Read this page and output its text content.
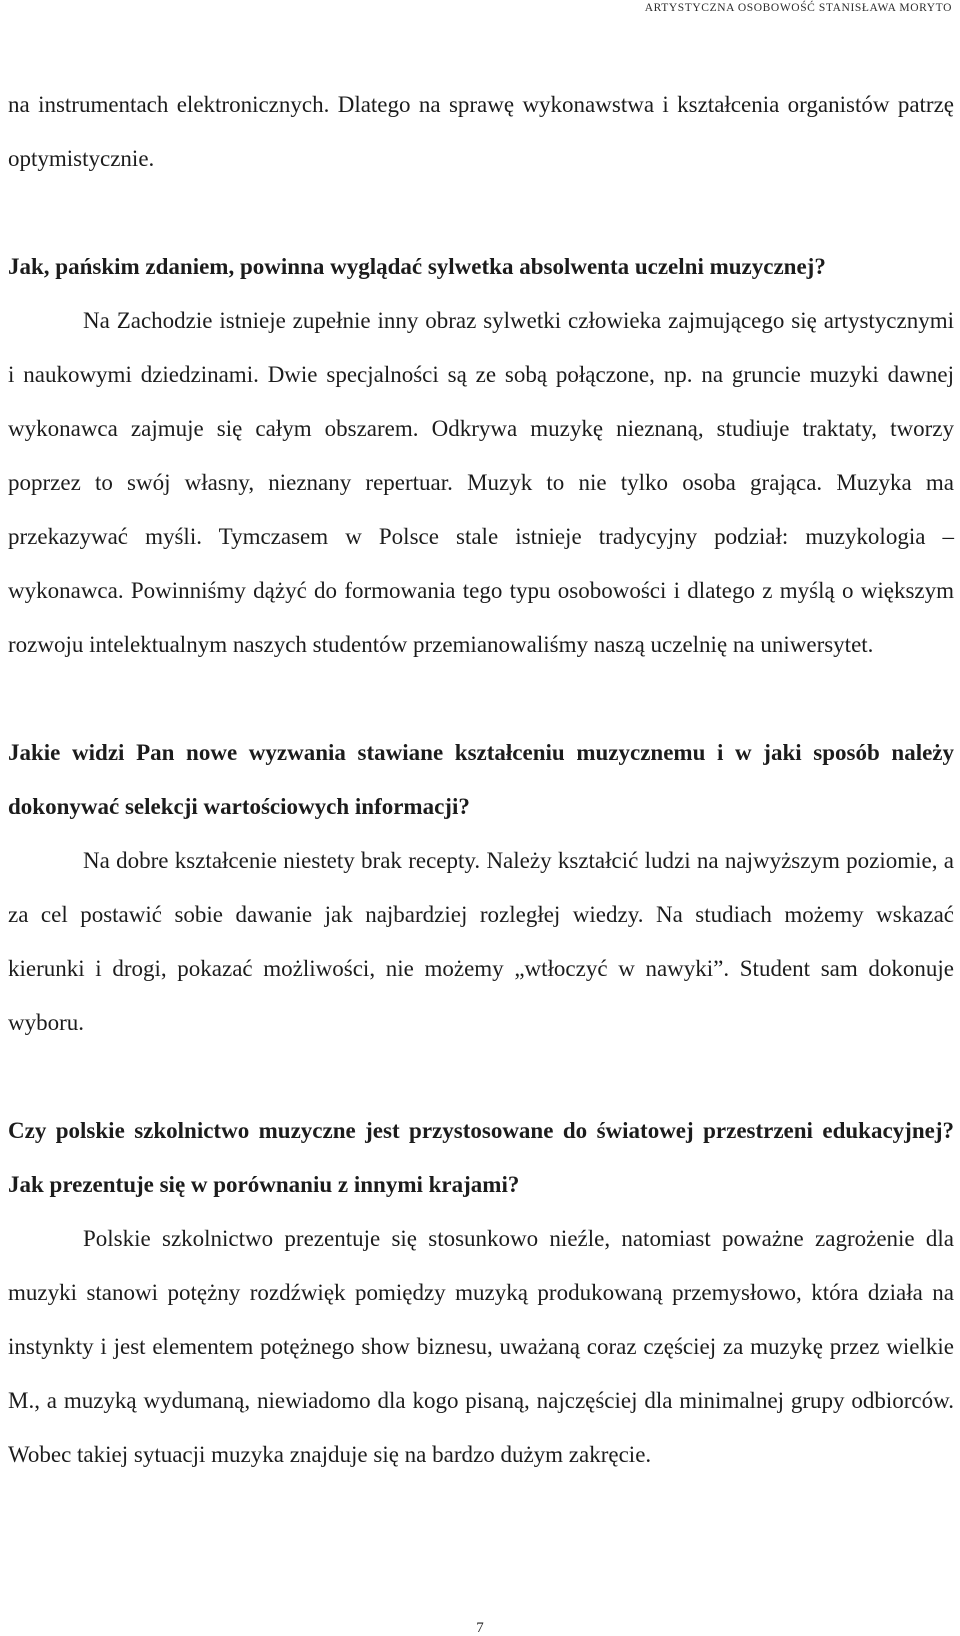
ARTYSTYCZNA OSOBOWOŚĆ STANISŁAWA MORYTO

na instrumentach elektronicznych. Dlatego na sprawę wykonawstwa i kształcenia organistów patrzę optymistycznie.

Jak, pańskim zdaniem, powinna wyglądać sylwetka absolwenta uczelni muzycznej?

Na Zachodzie istnieje zupełnie inny obraz sylwetki człowieka zajmującego się artystycznymi i naukowymi dziedzinami. Dwie specjalności są ze sobą połączone, np. na gruncie muzyki dawnej wykonawca zajmuje się całym obszarem. Odkrywa muzykę nieznaną, studiuje traktaty, tworzy poprzez to swój własny, nieznany repertuar. Muzyk to nie tylko osoba grająca. Muzyka ma przekazywać myśli. Tymczasem w Polsce stale istnieje tradycyjny podział: muzykologia – wykonawca. Powinniśmy dążyć do formowania tego typu osobowości i dlatego z myślą o większym rozwoju intelektualnym naszych studentów przemianowaliśmy naszą uczelnię na uniwersytet.

Jakie widzi Pan nowe wyzwania stawiane kształceniu muzycznemu i w jaki sposób należy dokonywać selekcji wartościowych informacji?

Na dobre kształcenie niestety brak recepty. Należy kształcić ludzi na najwyższym poziomie, a za cel postawić sobie dawanie jak najbardziej rozległej wiedzy. Na studiach możemy wskazać kierunki i drogi, pokazać możliwości, nie możemy „wtłoczyć w nawyki”. Student sam dokonuje wyboru.

Czy polskie szkolnictwo muzyczne jest przystosowane do światowej przestrzeni edukacyjnej? Jak prezentuje się w porównaniu z innymi krajami?

Polskie szkolnictwo prezentuje się stosunkowo nieźle, natomiast poważne zagrożenie dla muzyki stanowi potężny rozdźwięk pomiędzy muzyką produkowaną przemysłowo, która działa na instynkty i jest elementem potężnego show biznesu, uważaną coraz częściej za muzykę przez wielkie M., a muzyką wydumaną, niewiadomo dla kogo pisaną, najczęściej dla minimalnej grupy odbiorców. Wobec takiej sytuacji muzyka znajduje się na bardzo dużym zakręcie.

7
